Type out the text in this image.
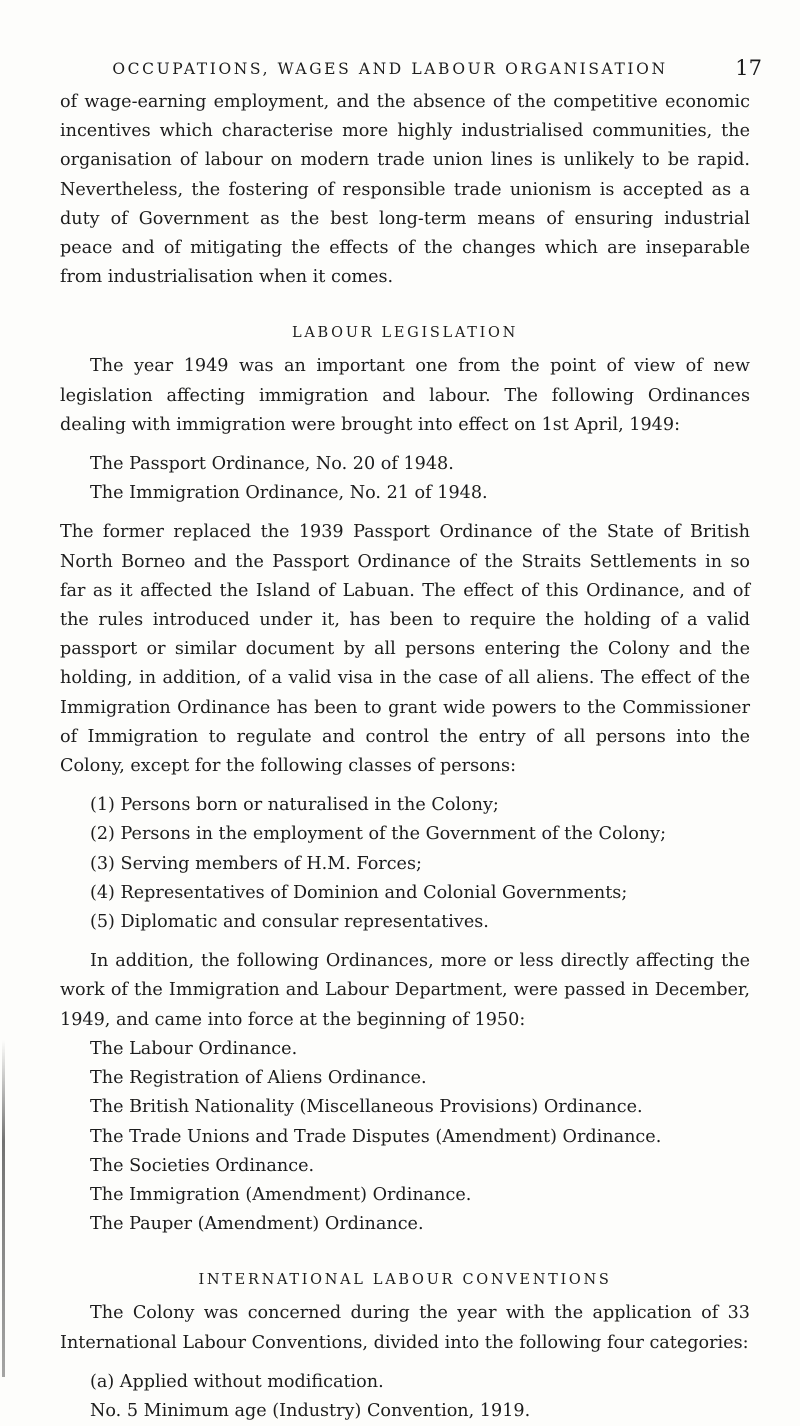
OCCUPATIONS, WAGES AND LABOUR ORGANISATION	17

of wage-earning employment, and the absence of the competitive economic incentives which characterise more highly industrialised communities, the organisation of labour on modern trade union lines is unlikely to be rapid. Nevertheless, the fostering of responsible trade unionism is accepted as a duty of Government as the best long-term means of ensuring industrial peace and of mitigating the effects of the changes which are inseparable from industrialisation when it comes.

LABOUR LEGISLATION

The year 1949 was an important one from the point of view of new legislation affecting immigration and labour. The following Ordinances dealing with immigration were brought into effect on 1st April, 1949:

The Passport Ordinance, No. 20 of 1948.
The Immigration Ordinance, No. 21 of 1948.

The former replaced the 1939 Passport Ordinance of the State of British North Borneo and the Passport Ordinance of the Straits Settlements in so far as it affected the Island of Labuan. The effect of this Ordinance, and of the rules introduced under it, has been to require the holding of a valid passport or similar document by all persons entering the Colony and the holding, in addition, of a valid visa in the case of all aliens. The effect of the Immigration Ordinance has been to grant wide powers to the Commissioner of Immigration to regulate and control the entry of all persons into the Colony, except for the following classes of persons:

(1) Persons born or naturalised in the Colony;
(2) Persons in the employment of the Government of the Colony;
(3) Serving members of H.M. Forces;
(4) Representatives of Dominion and Colonial Governments;
(5) Diplomatic and consular representatives.

In addition, the following Ordinances, more or less directly affecting the work of the Immigration and Labour Department, were passed in December, 1949, and came into force at the beginning of 1950:

The Labour Ordinance.
The Registration of Aliens Ordinance.
The British Nationality (Miscellaneous Provisions) Ordinance.
The Trade Unions and Trade Disputes (Amendment) Ordinance.
The Societies Ordinance.
The Immigration (Amendment) Ordinance.
The Pauper (Amendment) Ordinance.
INTERNATIONAL LABOUR CONVENTIONS

The Colony was concerned during the year with the application of 33 International Labour Conventions, divided into the following four categories:

(a) Applied without modification.
No. 5 Minimum age (Industry) Convention, 1919.
